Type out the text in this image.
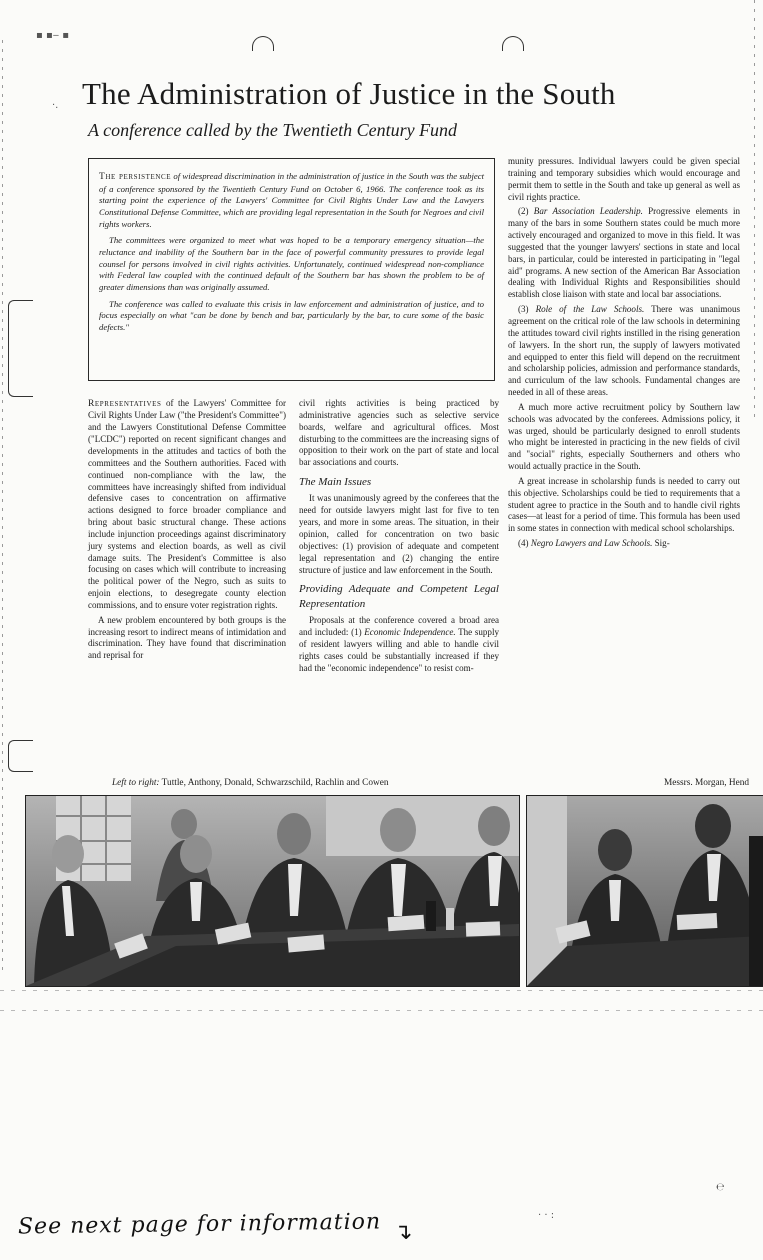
▪ ▪‒ ▪
·. The Administration of Justice in the South
A conference called by the Twentieth Century Fund

The persistence of widespread discrimination in the administration of justice in the South was the subject of a conference sponsored by the Twentieth Century Fund on October 6, 1966. The conference took as its starting point the experience of the Lawyers' Committee for Civil Rights Under Law and the Lawyers Constitutional Defense Committee, which are providing legal representation in the South for Negroes and civil rights workers.

The committees were organized to meet what was hoped to be a temporary emergency situation—the reluctance and inability of the Southern bar in the face of powerful community pressures to provide legal counsel for persons involved in civil rights activities. Unfortunately, continued widespread non-compliance with Federal law coupled with the continued default of the Southern bar has shown the problem to be of greater dimensions than was originally assumed.

The conference was called to evaluate this crisis in law enforcement and administration of justice, and to focus especially on what "can be done by bench and bar, particularly by the bar, to cure some of the basic defects."

Representatives of the Lawyers' Committee for Civil Rights Under Law ("the President's Committee") and the Lawyers Constitutional Defense Committee ("LCDC") reported on recent significant changes and developments in the attitudes and tactics of both the committees and the Southern authorities. Faced with continued non-compliance with the law, the committees have increasingly shifted from individual defensive cases to concentration on affirmative actions designed to force broader compliance and bring about basic structural change. These actions include injunction proceedings against discriminatory jury systems and election boards, as well as civil damage suits. The President's Committee is also focusing on cases which will contribute to increasing the political power of the Negro, such as suits to enjoin elections, to desegregate county election commissions, and to ensure voter registration rights.

A new problem encountered by both groups is the increasing resort to indirect means of intimidation and discrimination. They have found that discrimination and reprisal for

civil rights activities is being practiced by administrative agencies such as selective service boards, welfare and agricultural offices. Most disturbing to the committees are the increasing signs of opposition to their work on the part of state and local bar associations and courts.

The Main Issues

It was unanimously agreed by the conferees that the need for outside lawyers might last for five to ten years, and more in some areas. The situation, in their opinion, called for concentration on two basic objectives: (1) provision of adequate and competent legal representation and (2) changing the entire structure of justice and law enforcement in the South.

Providing Adequate and Competent Legal Representation

Proposals at the conference covered a broad area and included: (1) Economic Independence. The supply of resident lawyers willing and able to handle civil rights cases could be substantially increased if they had the "economic independence" to resist com-

munity pressures. Individual lawyers could be given special training and temporary subsidies which would encourage and permit them to settle in the South and take up general as well as civil rights practice.

(2) Bar Association Leadership. Progressive elements in many of the bars in some Southern states could be much more actively encouraged and organized to move in this field. It was suggested that the younger lawyers' sections in state and local bars, in particular, could be interested in participating in "legal aid" programs. A new section of the American Bar Association dealing with Individual Rights and Responsibilities should establish close liaison with state and local bar associations.

(3) Role of the Law Schools. There was unanimous agreement on the critical role of the law schools in determining the attitudes toward civil rights instilled in the rising generation of lawyers. In the short run, the supply of lawyers motivated and equipped to enter this field will depend on the recruitment and scholarship policies, admission and performance standards, and curriculum of the law schools. Fundamental changes are needed in all of these areas.

A much more active recruitment policy by Southern law schools was advocated by the conferees. Admissions policy, it was urged, should be particularly designed to enroll students who might be interested in practicing in the new fields of civil and "social" rights, especially Southerners and others who would actually practice in the South.

A great increase in scholarship funds is needed to carry out this objective. Scholarships could be tied to requirements that a student agree to practice in the South and to handle civil rights cases—at least for a period of time. This formula has been used in some states in connection with medical school scholarships.

(4) Negro Lawyers and Law Schools. Sig-

Left to right: Tuttle, Anthony, Donald, Schwarzschild, Rachlin and Cowen	Messrs. Morgan, Hend
℮
· · :
See next page for information ↴
